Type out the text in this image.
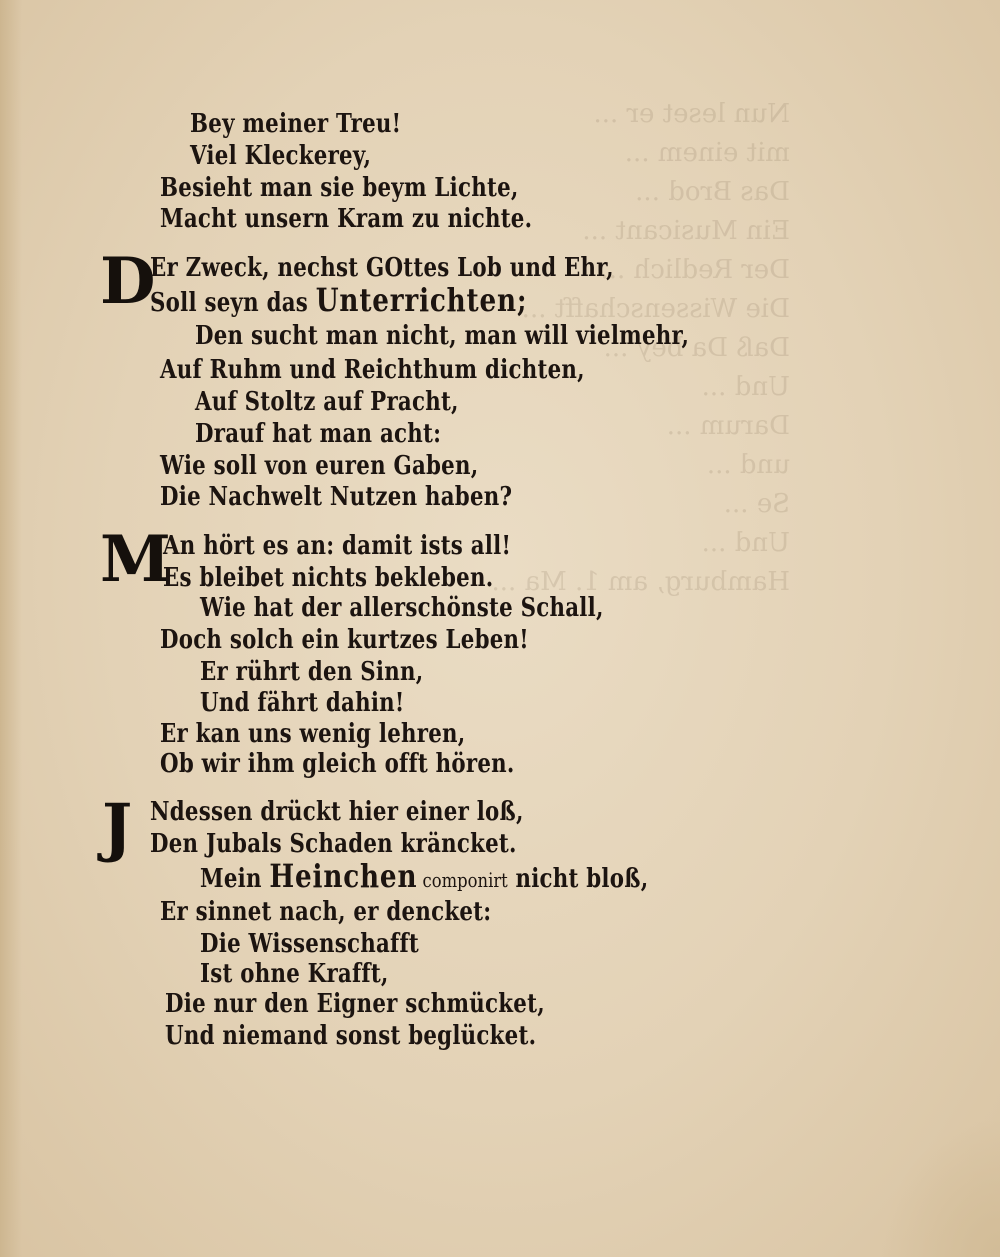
Nun leset er ...
mit einem ...
Das Brod ...
Ein Musicant ...
Der Redlich ...
Die Wissenschafft ...
Daß Da bey ...
Und ...
Darum ...
und ...
Se ...
Und ...
Hamburg, am 1. Ma ...
Bey meiner Treu!
Viel Kleckerey,
Besieht man sie beym Lichte,
Macht unsern Kram zu nichte.
D
Er Zweck, nechst GOttes Lob und Ehr,
Soll seyn das Unterrichten;
Den sucht man nicht, man will vielmehr,
Auf Ruhm und Reichthum dichten,
Auf Stoltz auf Pracht,
Drauf hat man acht:
Wie soll von euren Gaben,
Die Nachwelt Nutzen haben?
M
An hört es an: damit ists all!
Es bleibet nichts bekleben.
Wie hat der allerschönste Schall,
Doch solch ein kurtzes Leben!
Er rührt den Sinn,
Und fährt dahin!
Er kan uns wenig lehren,
Ob wir ihm gleich offt hören.
J Ndessen drückt hier einer loß,
Den Jubals Schaden kräncket.
Mein Heinchen componirt nicht bloß,
Er sinnet nach, er dencket:
Die Wissenschafft
Ist ohne Krafft,
Die nur den Eigner schmücket,
Und niemand sonst beglücket.
